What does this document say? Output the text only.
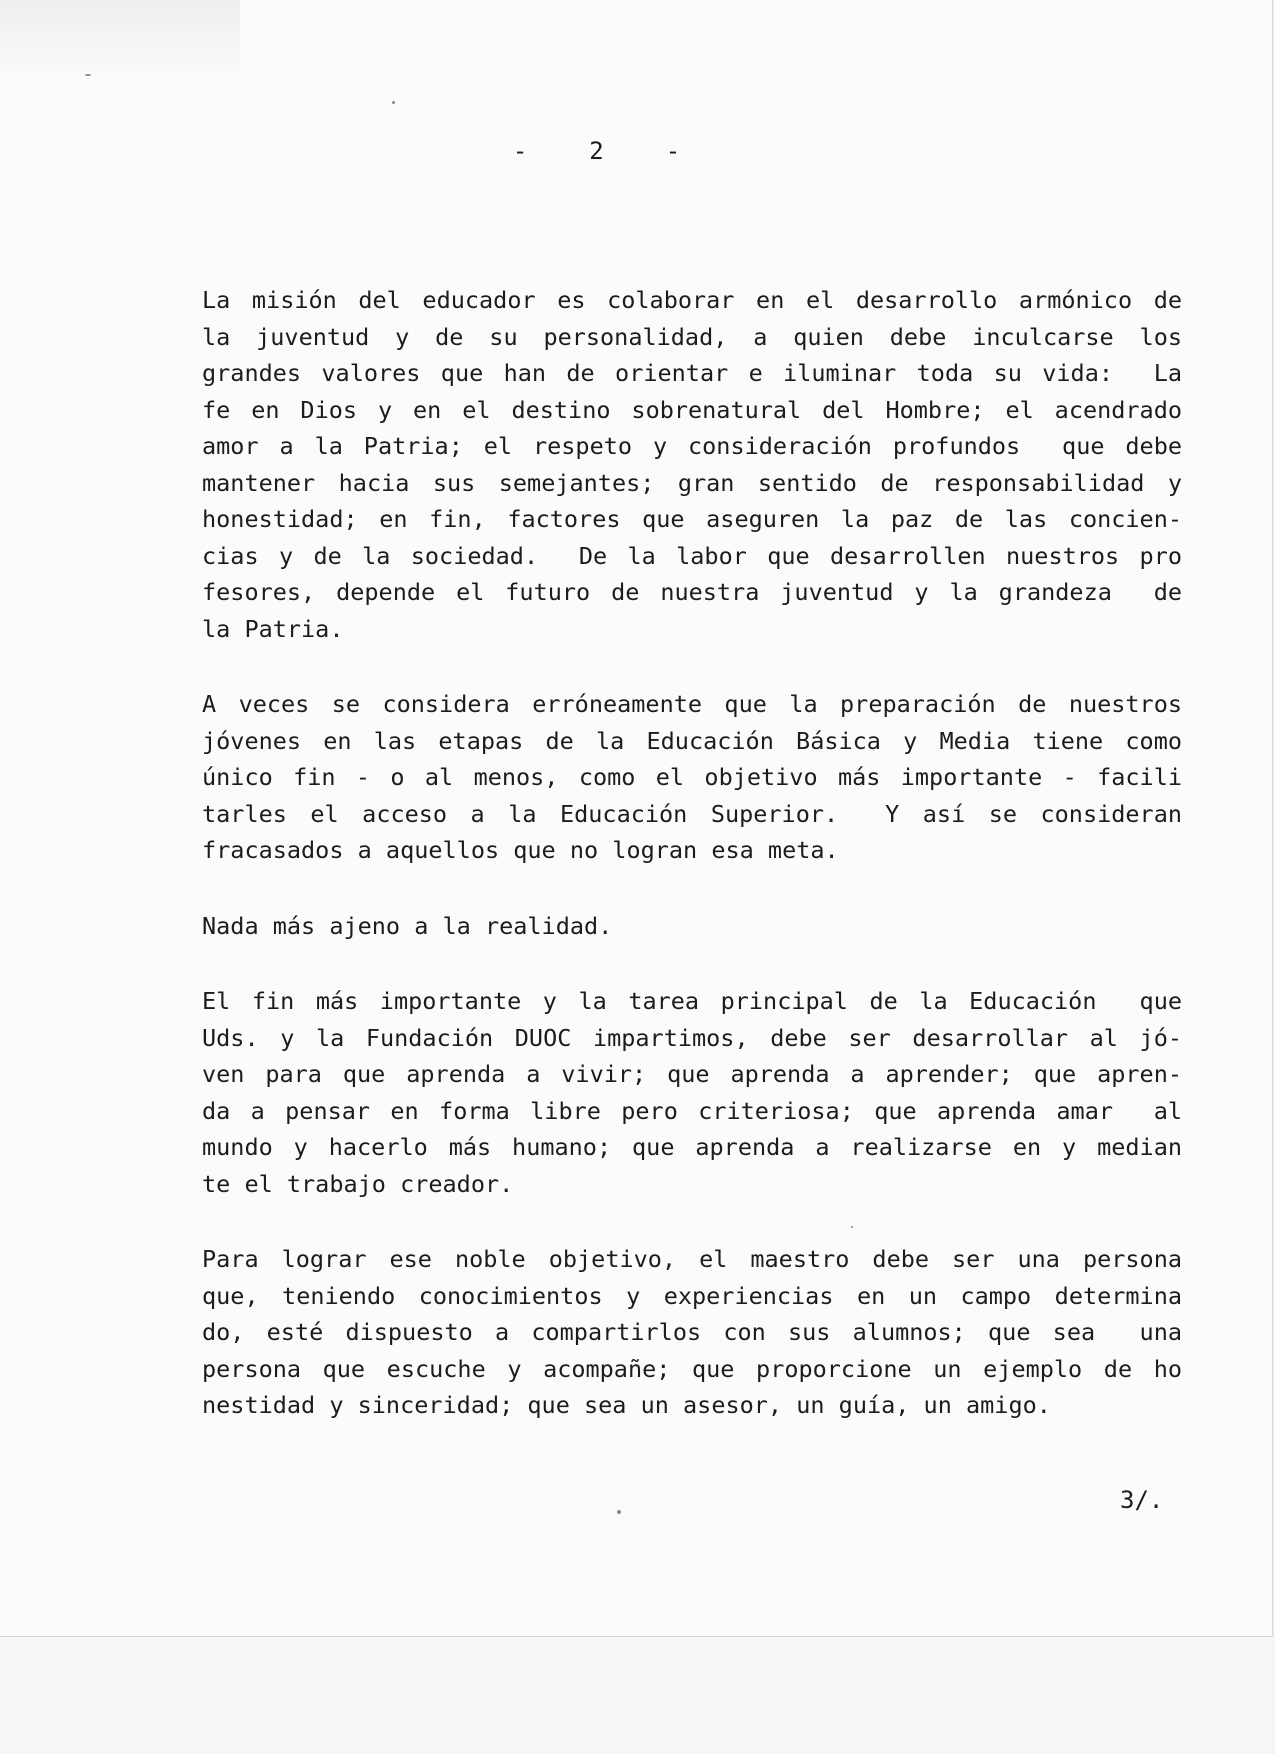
-	2	-
La misión del educador es colaborar en el desarrollo armónico de
la juventud y de su personalidad, a quien debe inculcarse los
grandes valores que han de orientar e iluminar toda su vida:  La
fe en Dios y en el destino sobrenatural del Hombre; el acendrado
amor a la Patria; el respeto y consideración profundos  que debe
mantener hacia sus semejantes; gran sentido de responsabilidad y
honestidad; en fin, factores que aseguren la paz de las concien-
cias y de la sociedad.  De la labor que desarrollen nuestros pro
fesores, depende el futuro de nuestra juventud y la grandeza  de
la Patria.
A veces se considera erróneamente que la preparación de nuestros
jóvenes en las etapas de la Educación Básica y Media tiene como
único fin - o al menos, como el objetivo más importante - facili
tarles el acceso a la Educación Superior.  Y así se consideran
fracasados a aquellos que no logran esa meta.
Nada más ajeno a la realidad.
El fin más importante y la tarea principal de la Educación  que
Uds. y la Fundación DUOC impartimos, debe ser desarrollar al jó-
ven para que aprenda a vivir; que aprenda a aprender; que apren-
da a pensar en forma libre pero criteriosa; que aprenda amar  al
mundo y hacerlo más humano; que aprenda a realizarse en y median
te el trabajo creador.
Para lograr ese noble objetivo, el maestro debe ser una persona
que, teniendo conocimientos y experiencias en un campo determina
do, esté dispuesto a compartirlos con sus alumnos; que sea  una
persona que escuche y acompañe; que proporcione un ejemplo de ho
nestidad y sinceridad; que sea un asesor, un guía, un amigo.
3/.
